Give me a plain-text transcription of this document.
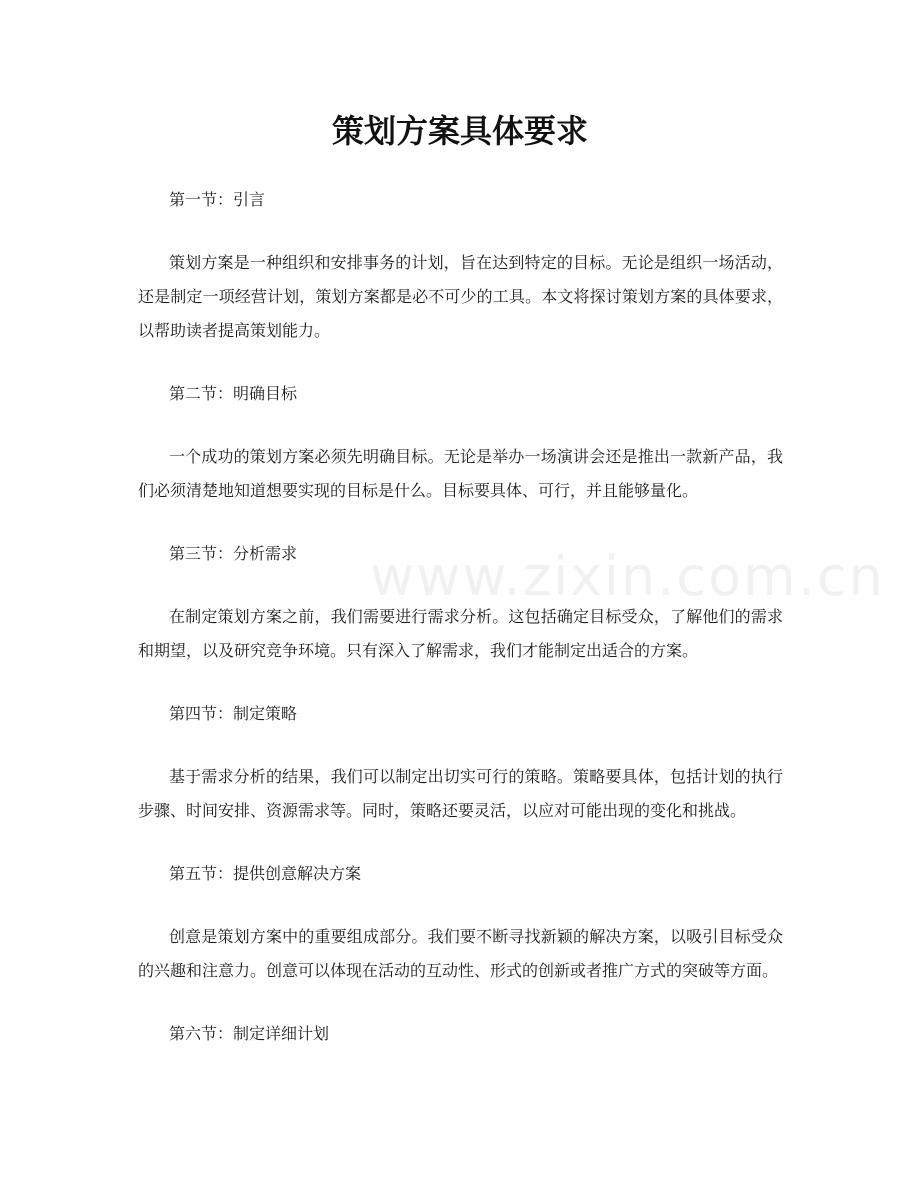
www.zixin.com.cn
策划方案具体要求

第一节：引言

策划方案是一种组织和安排事务的计划，旨在达到特定的目标。无论是组织一场活动，还是制定一项经营计划，策划方案都是必不可少的工具。本文将探讨策划方案的具体要求，以帮助读者提高策划能力。

第二节：明确目标

一个成功的策划方案必须先明确目标。无论是举办一场演讲会还是推出一款新产品，我们必须清楚地知道想要实现的目标是什么。目标要具体、可行，并且能够量化。

第三节：分析需求

在制定策划方案之前，我们需要进行需求分析。这包括确定目标受众，了解他们的需求和期望，以及研究竞争环境。只有深入了解需求，我们才能制定出适合的方案。

第四节：制定策略

基于需求分析的结果，我们可以制定出切实可行的策略。策略要具体，包括计划的执行步骤、时间安排、资源需求等。同时，策略还要灵活，以应对可能出现的变化和挑战。

第五节：提供创意解决方案

创意是策划方案中的重要组成部分。我们要不断寻找新颖的解决方案，以吸引目标受众的兴趣和注意力。创意可以体现在活动的互动性、形式的创新或者推广方式的突破等方面。

第六节：制定详细计划
